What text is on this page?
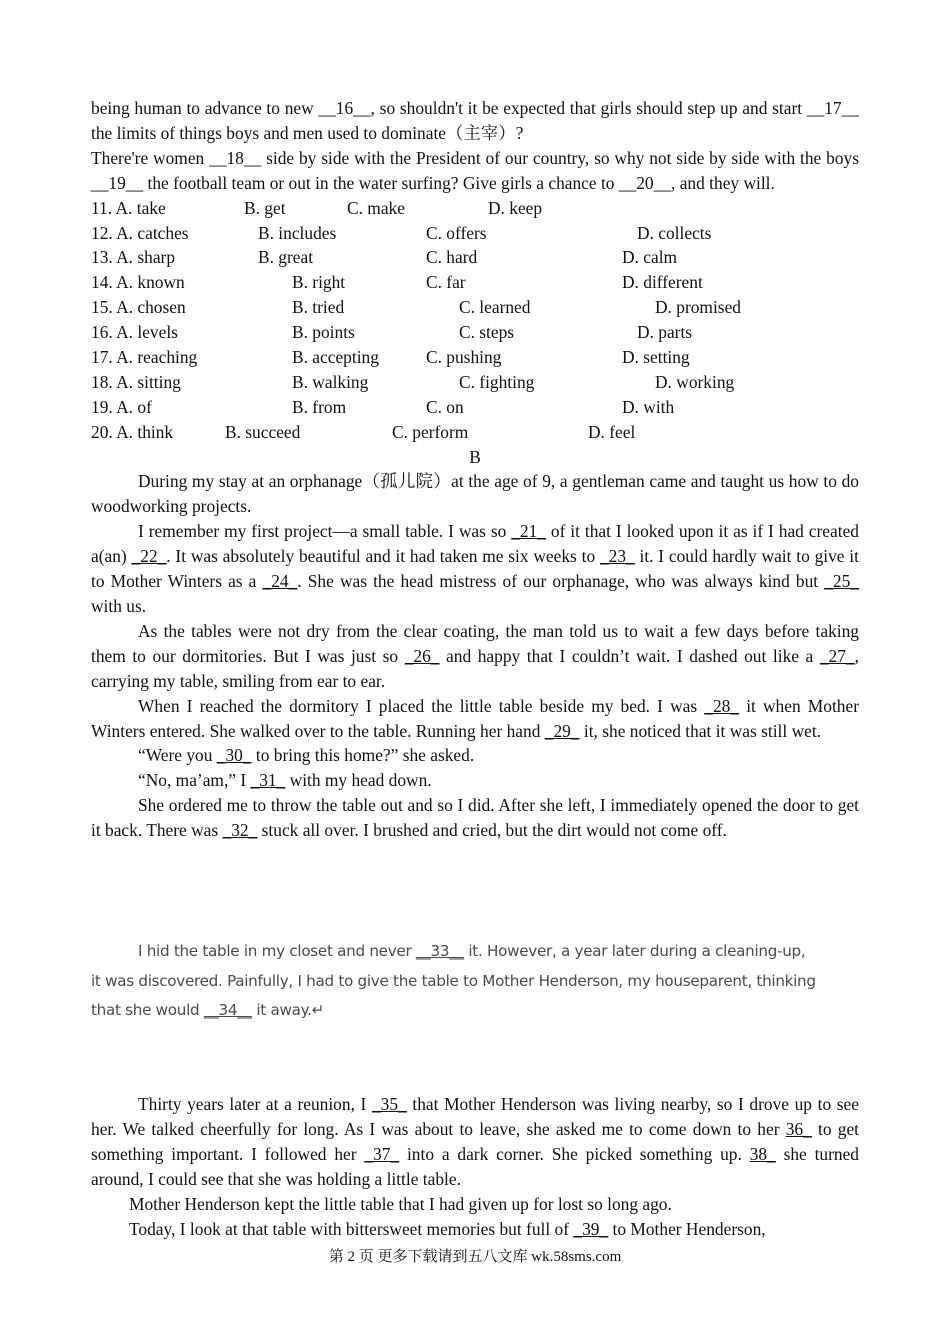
being human to advance to new __16__, so shouldn't it be expected that girls should step up and start __17__ the limits of things boys and men used to dominate（主宰）?

There're women __18__ side by side with the President of our country, so why not side by side with the boys __19__ the football team or out in the water surfing? Give girls a chance to __20__, and they will.

11. A. take	B. get	C. make	D. keep
12. A. catches	B. includes	C. offers	D. collects
13. A. sharp	B. great	C. hard	D. calm
14. A. known	B. right	C. far	D. different
15. A. chosen	B. tried	C. learned	D. promised
16. A. levels	B. points	C. steps	D. parts
17. A. reaching	B. accepting	C. pushing	D. setting
18. A. sitting	B. walking	C. fighting	D. working
19. A. of	B. from	C. on	D. with
20. A. think	B. succeed	C. perform	D. feel

B

During my stay at an orphanage（孤儿院）at the age of 9, a gentleman came and taught us how to do woodworking projects.

I remember my first project—a small table. I was so _21_ of it that I looked upon it as if I had created a(an) _22_. It was absolutely beautiful and it had taken me six weeks to _23_ it. I could hardly wait to give it to Mother Winters as a _24_. She was the head mistress of our orphanage, who was always kind but _25_ with us.

As the tables were not dry from the clear coating, the man told us to wait a few days before taking them to our dormitories. But I was just so _26_ and happy that I couldn’t wait. I dashed out like a _27_, carrying my table, smiling from ear to ear.

When I reached the dormitory I placed the little table beside my bed. I was _28_ it when Mother Winters entered. She walked over to the table. Running her hand _29_ it, she noticed that it was still wet.

“Were you _30_ to bring this home?” she asked.

“No, ma’am,” I _31_ with my head down.

She ordered me to throw the table out and so I did. After she left, I immediately opened the door to get it back. There was _32_ stuck all over. I brushed and cried, but the dirt would not come off.

I hid the table in my closet and never __33__ it. However, a year later during a cleaning-up,

it was discovered. Painfully, I had to give the table to Mother Henderson, my houseparent, thinking

that she would __34__ it away.↵

Thirty years later at a reunion, I _35_ that Mother Henderson was living nearby, so I drove up to see her. We talked cheerfully for long. As I was about to leave, she asked me to come down to her 36_ to get something important. I followed her _37_ into a dark corner. She picked something up. 38_ she turned around, I could see that she was holding a little table.

Mother Henderson kept the little table that I had given up for lost so long ago.

Today, I look at that table with bittersweet memories but full of _39_ to Mother Henderson,

第 2 页 更多下载请到五八文库 wk.58sms.com
